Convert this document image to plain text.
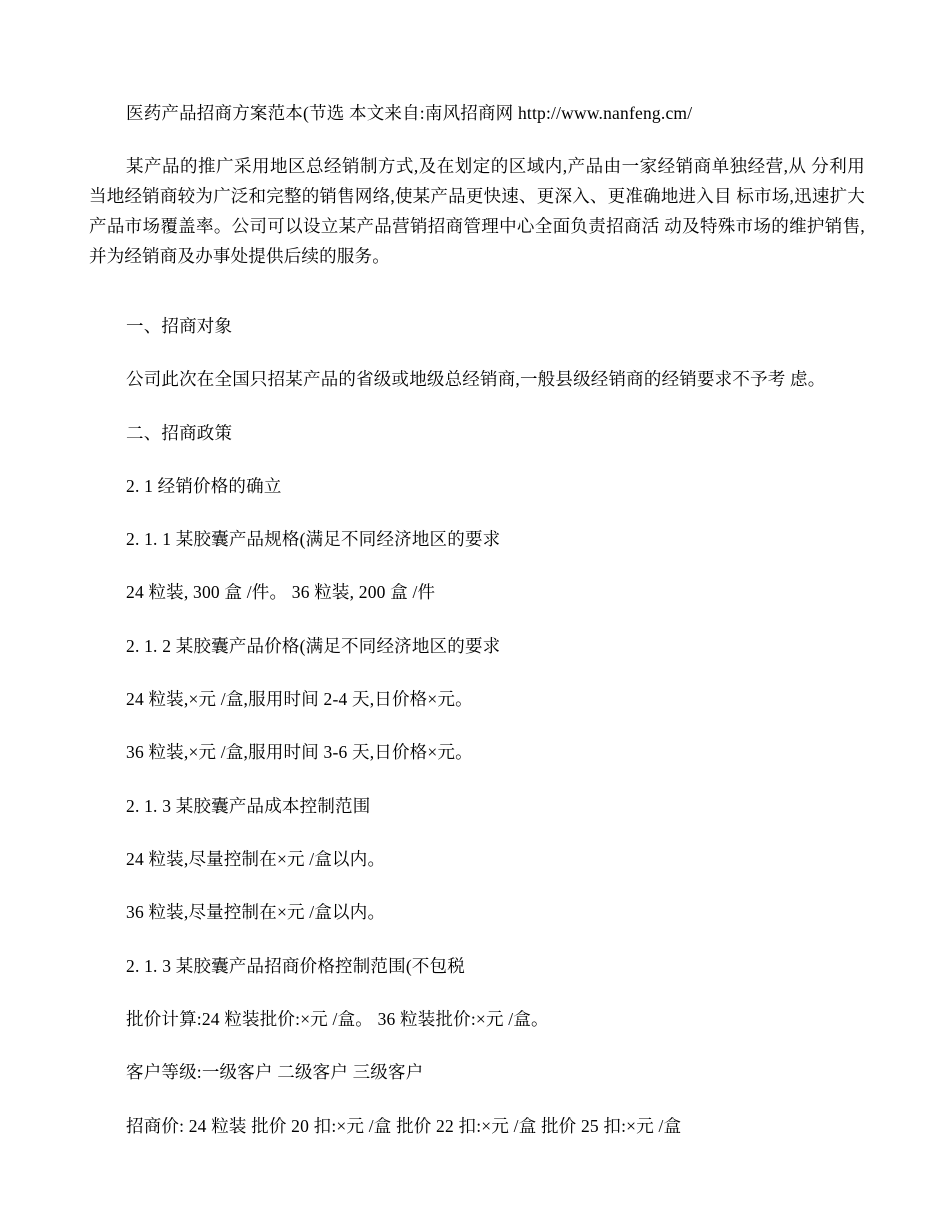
医药产品招商方案范本(节选 本文来自:南风招商网 http://www.nanfeng.cm/
某产品的推广采用地区总经销制方式,及在划定的区域内,产品由一家经销商单独经营,从 分利用当地经销商较为广泛和完整的销售网络,使某产品更快速、更深入、更准确地进入目 标市场,迅速扩大产品市场覆盖率。公司可以设立某产品营销招商管理中心全面负责招商活 动及特殊市场的维护销售,并为经销商及办事处提供后续的服务。
一、招商对象
公司此次在全国只招某产品的省级或地级总经销商,一般县级经销商的经销要求不予考 虑。
二、招商政策
2. 1 经销价格的确立
2. 1. 1 某胶囊产品规格(满足不同经济地区的要求
24 粒装, 300 盒 /件。 36 粒装, 200 盒 /件
2. 1. 2 某胶囊产品价格(满足不同经济地区的要求
24 粒装,×元 /盒,服用时间 2-4 天,日价格×元。
36 粒装,×元 /盒,服用时间 3-6 天,日价格×元。
2. 1. 3 某胶囊产品成本控制范围
24 粒装,尽量控制在×元 /盒以内。
36 粒装,尽量控制在×元 /盒以内。
2. 1. 3 某胶囊产品招商价格控制范围(不包税
批价计算:24 粒装批价:×元 /盒。 36 粒装批价:×元 /盒。
客户等级:一级客户 二级客户 三级客户
招商价: 24 粒装 批价 20 扣:×元 /盒 批价 22 扣:×元 /盒 批价 25 扣:×元 /盒
